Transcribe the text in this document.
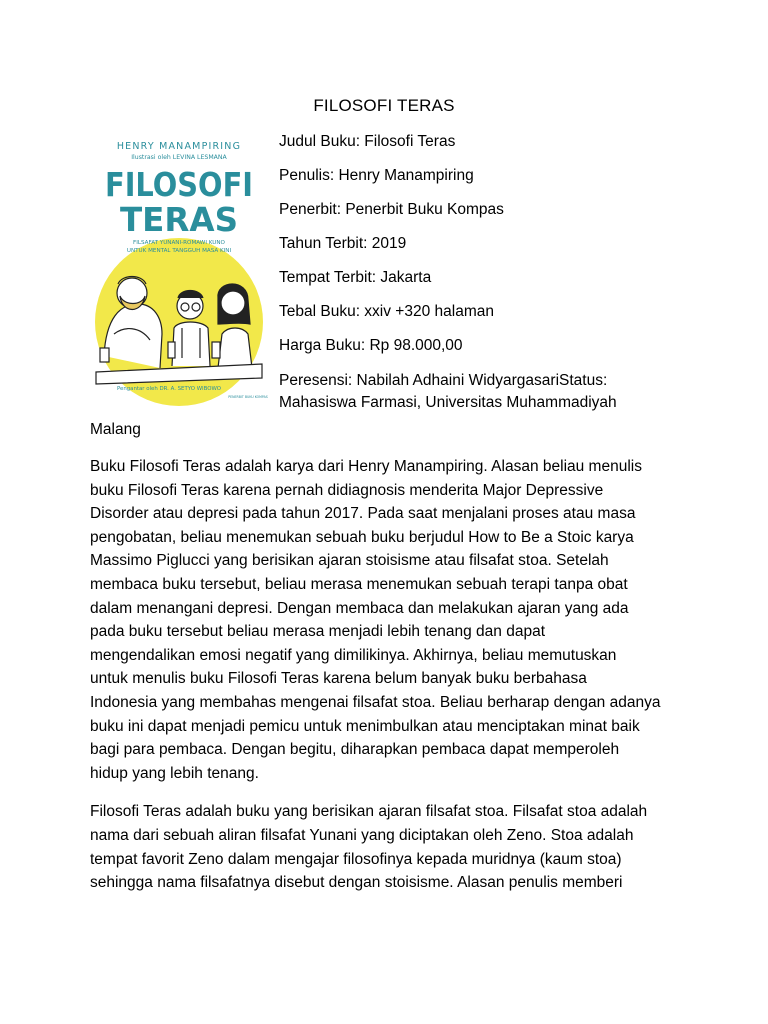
FILOSOFI TERAS
HENRY MANAMPIRING
Ilustrasi oleh LEVINA LESMANA
FILOSOFI
TERAS
FILSAFAT YUNANI-ROMAWI KUNO
UNTUK MENTAL TANGGUH MASA KINI
Pengantar oleh DR. A. SETYO WIBOWO
PENERBIT BUKU KOMPAS
Judul Buku: Filosofi Teras
Penulis: Henry Manampiring
Penerbit: Penerbit Buku Kompas
Tahun Terbit: 2019
Tempat Terbit: Jakarta
Tebal Buku: xxiv +320 halaman
Harga Buku: Rp 98.000,00
Peresensi: Nabilah Adhaini WidyargasariStatus:
Mahasiswa Farmasi, Universitas Muhammadiyah
Malang

Buku Filosofi Teras adalah karya dari Henry Manampiring. Alasan beliau menulis
buku Filosofi Teras karena pernah didiagnosis menderita Major Depressive
Disorder atau depresi pada tahun 2017. Pada saat menjalani proses atau masa
pengobatan, beliau menemukan sebuah buku berjudul How to Be a Stoic karya
Massimo Piglucci yang berisikan ajaran stoisisme atau filsafat stoa. Setelah
membaca buku tersebut, beliau merasa menemukan sebuah terapi tanpa obat
dalam menangani depresi. Dengan membaca dan melakukan ajaran yang ada
pada buku tersebut beliau merasa menjadi lebih tenang dan dapat
mengendalikan emosi negatif yang dimilikinya. Akhirnya, beliau memutuskan
untuk menulis buku Filosofi Teras karena belum banyak buku berbahasa
Indonesia yang membahas mengenai filsafat stoa. Beliau berharap dengan adanya
buku ini dapat menjadi pemicu untuk menimbulkan atau menciptakan minat baik
bagi para pembaca. Dengan begitu, diharapkan pembaca dapat memperoleh
hidup yang lebih tenang.

Filosofi Teras adalah buku yang berisikan ajaran filsafat stoa. Filsafat stoa adalah
nama dari sebuah aliran filsafat Yunani yang diciptakan oleh Zeno. Stoa adalah
tempat favorit Zeno dalam mengajar filosofinya kepada muridnya (kaum stoa)
sehingga nama filsafatnya disebut dengan stoisisme. Alasan penulis memberi
